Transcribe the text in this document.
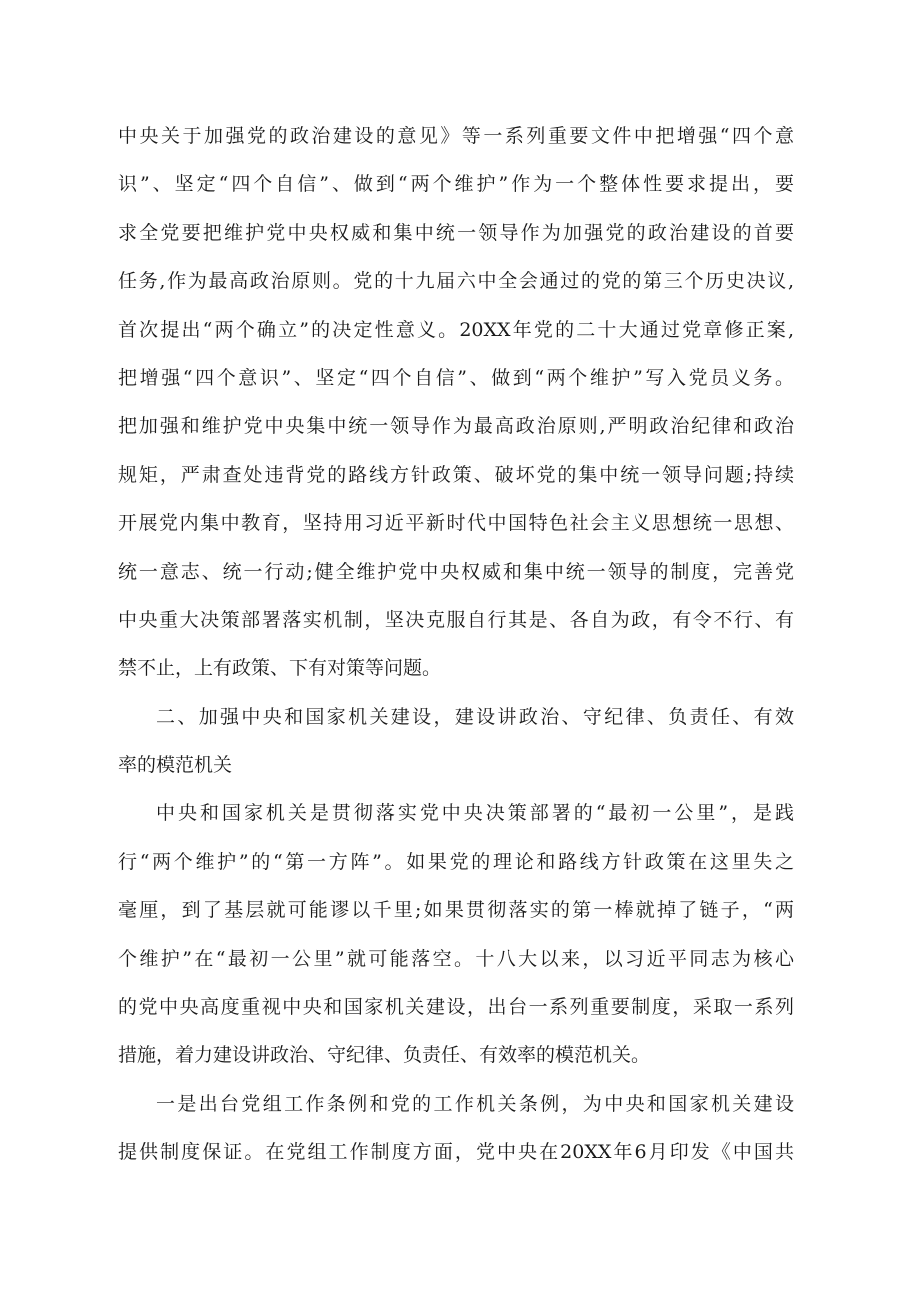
中央关于加强党的政治建设的意见》等一系列重要文件中把增强“四个意
识”、坚定“四个自信”、做到“两个维护”作为一个整体性要求提出，要
求全党要把维护党中央权威和集中统一领导作为加强党的政治建设的首要
任务,作为最高政治原则。党的十九届六中全会通过的党的第三个历史决议,
首次提出“两个确立”的决定性意义。20XX年党的二十大通过党章修正案,
把增强“四个意识”、坚定“四个自信”、做到“两个维护”写入党员义务。
把加强和维护党中央集中统一领导作为最高政治原则,严明政治纪律和政治
规矩，严肃查处违背党的路线方针政策、破坏党的集中统一领导问题;持续
开展党内集中教育，坚持用习近平新时代中国特色社会主义思想统一思想、
统一意志、统一行动;健全维护党中央权威和集中统一领导的制度，完善党
中央重大决策部署落实机制，坚决克服自行其是、各自为政，有令不行、有
禁不止，上有政策、下有对策等问题。
二、加强中央和国家机关建设，建设讲政治、守纪律、负责任、有效
率的模范机关
中央和国家机关是贯彻落实党中央决策部署的“最初一公里”，是践
行“两个维护”的“第一方阵”。如果党的理论和路线方针政策在这里失之
毫厘，到了基层就可能谬以千里;如果贯彻落实的第一棒就掉了链子，“两
个维护”在“最初一公里”就可能落空。十八大以来，以习近平同志为核心
的党中央高度重视中央和国家机关建设，出台一系列重要制度，采取一系列
措施，着力建设讲政治、守纪律、负责任、有效率的模范机关。
一是出台党组工作条例和党的工作机关条例，为中央和国家机关建设
提供制度保证。在党组工作制度方面，党中央在20XX年6月印发《中国共
